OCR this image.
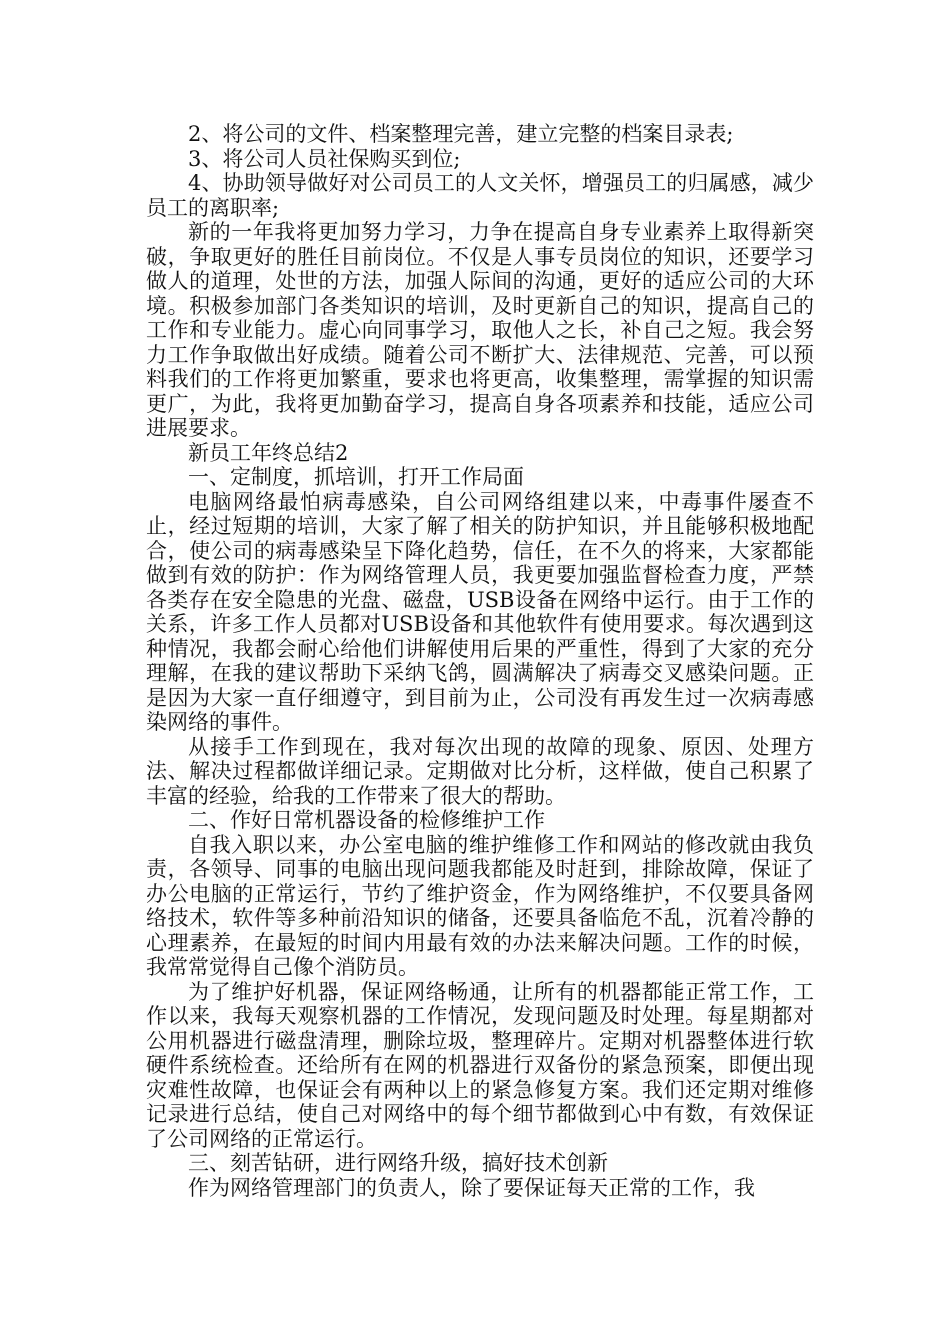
2、将公司的文件、档案整理完善，建立完整的档案目录表;

3、将公司人员社保购买到位;

4、协助领导做好对公司员工的人文关怀，增强员工的归属感，减少员工的离职率;

新的一年我将更加努力学习，力争在提高自身专业素养上取得新突破，争取更好的胜任目前岗位。不仅是人事专员岗位的知识，还要学习做人的道理，处世的方法，加强人际间的沟通，更好的适应公司的大环境。积极参加部门各类知识的培训，及时更新自己的知识，提高自己的工作和专业能力。虚心向同事学习，取他人之长，补自己之短。我会努力工作争取做出好成绩。随着公司不断扩大、法律规范、完善，可以预料我们的工作将更加繁重，要求也将更高，收集整理，需掌握的知识需更广，为此，我将更加勤奋学习，提高自身各项素养和技能，适应公司进展要求。

新员工年终总结2

一、定制度，抓培训，打开工作局面

电脑网络最怕病毒感染，自公司网络组建以来，中毒事件屡查不止，经过短期的培训，大家了解了相关的防护知识，并且能够积极地配合，使公司的病毒感染呈下降化趋势，信任，在不久的将来，大家都能做到有效的防护：作为网络管理人员，我更要加强监督检查力度，严禁各类存在安全隐患的光盘、磁盘，USB设备在网络中运行。由于工作的关系，许多工作人员都对USB设备和其他软件有使用要求。每次遇到这种情况，我都会耐心给他们讲解使用后果的严重性，得到了大家的充分理解，在我的建议帮助下采纳飞鸽，圆满解决了病毒交叉感染问题。正是因为大家一直仔细遵守，到目前为止，公司没有再发生过一次病毒感染网络的事件。

从接手工作到现在，我对每次出现的故障的现象、原因、处理方法、解决过程都做详细记录。定期做对比分析，这样做，使自己积累了丰富的经验，给我的工作带来了很大的帮助。

二、作好日常机器设备的检修维护工作

自我入职以来，办公室电脑的维护维修工作和网站的修改就由我负责，各领导、同事的电脑出现问题我都能及时赶到，排除故障，保证了办公电脑的正常运行，节约了维护资金，作为网络维护，不仅要具备网络技术，软件等多种前沿知识的储备，还要具备临危不乱，沉着冷静的心理素养，在最短的时间内用最有效的办法来解决问题。工作的时候，我常常觉得自己像个消防员。

为了维护好机器，保证网络畅通，让所有的机器都能正常工作，工作以来，我每天观察机器的工作情况，发现问题及时处理。每星期都对公用机器进行磁盘清理，删除垃圾，整理碎片。定期对机器整体进行软硬件系统检查。还给所有在网的机器进行双备份的紧急预案，即便出现灾难性故障，也保证会有两种以上的紧急修复方案。我们还定期对维修记录进行总结，使自己对网络中的每个细节都做到心中有数，有效保证了公司网络的正常运行。

三、刻苦钻研，进行网络升级，搞好技术创新

作为网络管理部门的负责人，除了要保证每天正常的工作，我
